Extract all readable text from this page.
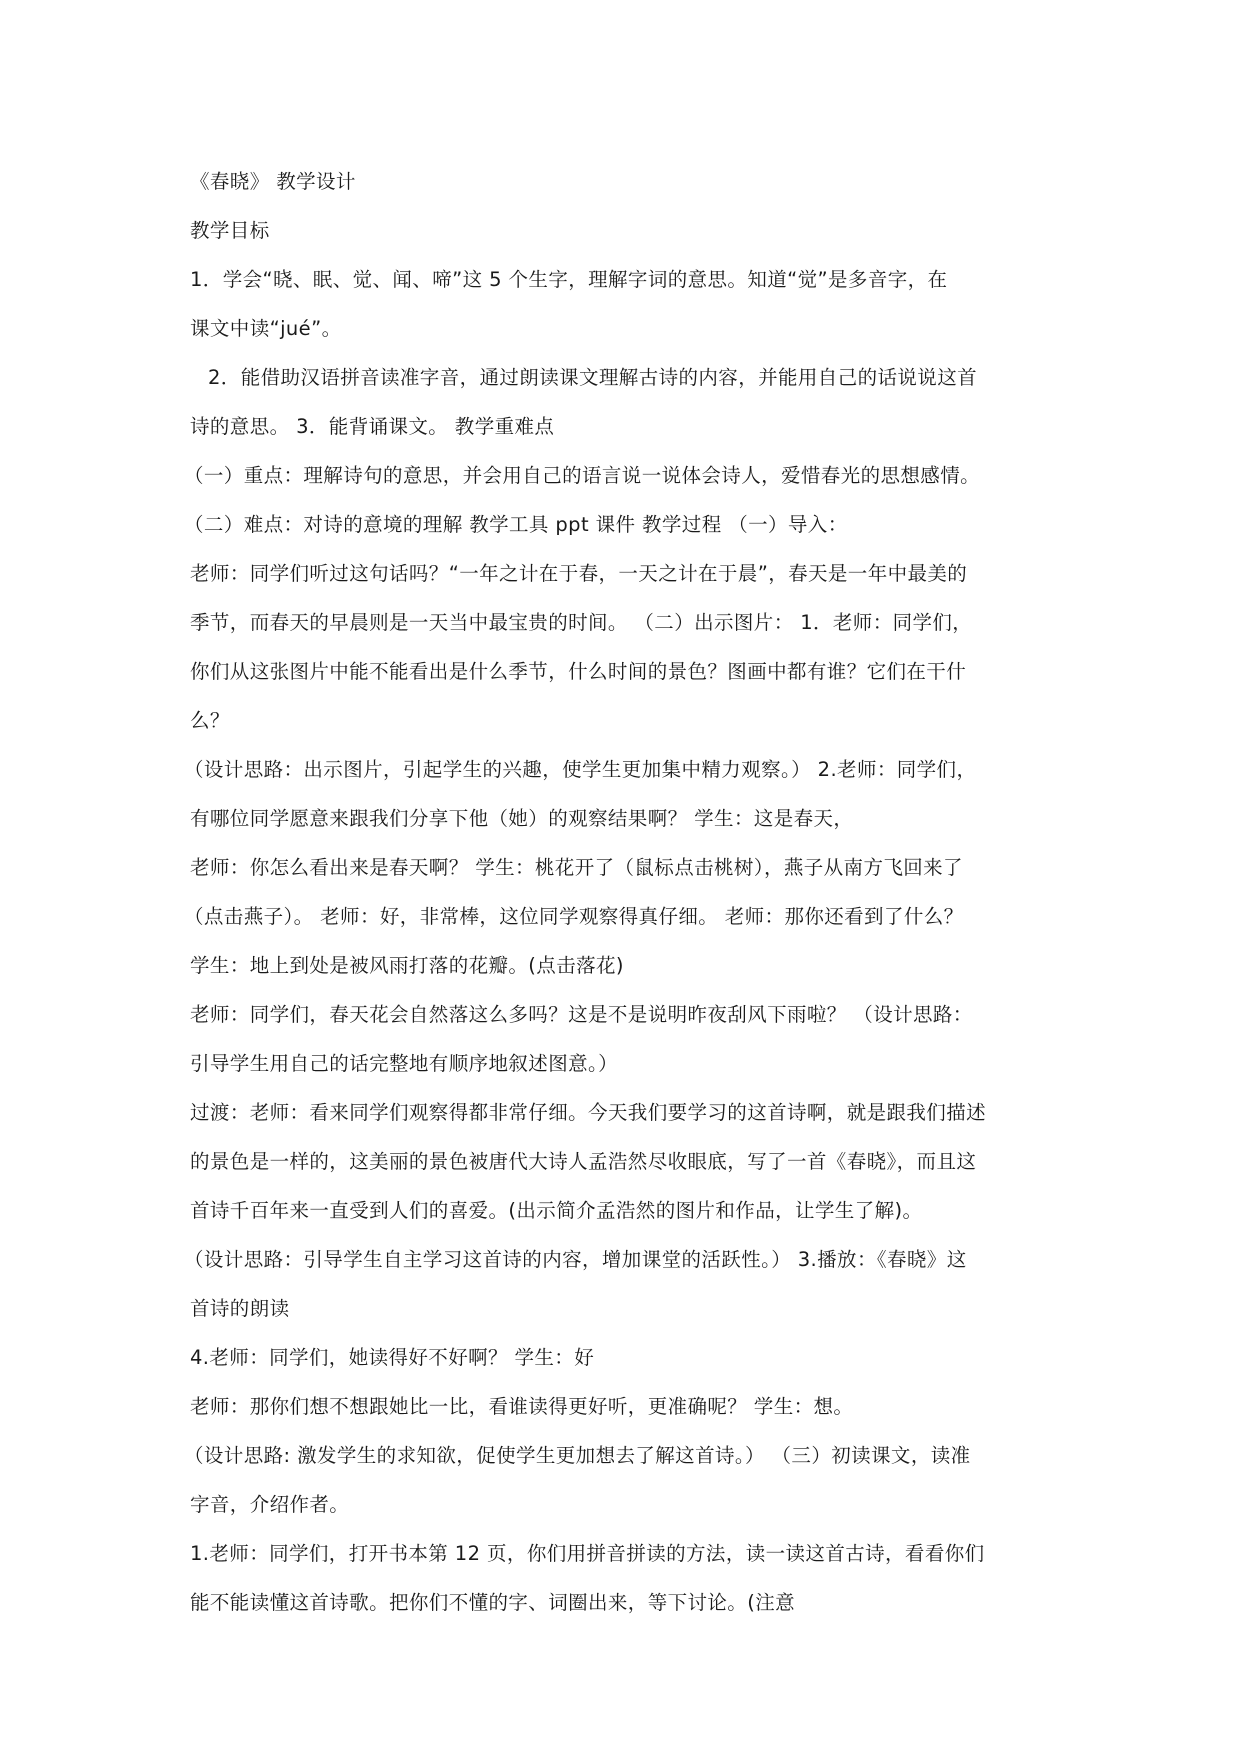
《春晓》 教学设计
教学目标
1．学会“晓、眠、觉、闻、啼”这 5 个生字，理解字词的意思。知道“觉”是多音字，在
课文中读“jué”。
2．能借助汉语拼音读准字音，通过朗读课文理解古诗的内容，并能用自己的话说说这首
诗的意思。 3．能背诵课文。 教学重难点
（一）重点：理解诗句的意思，并会用自己的语言说一说体会诗人，爱惜春光的思想感情。
（二）难点：对诗的意境的理解 教学工具 ppt 课件 教学过程 （一）导入：
老师：同学们听过这句话吗？“一年之计在于春，一天之计在于晨”，春天是一年中最美的
季节，而春天的早晨则是一天当中最宝贵的时间。 （二）出示图片： 1．老师：同学们，
你们从这张图片中能不能看出是什么季节，什么时间的景色？图画中都有谁？它们在干什
么？
（设计思路：出示图片，引起学生的兴趣，使学生更加集中精力观察。） 2.老师：同学们，
有哪位同学愿意来跟我们分享下他（她）的观察结果啊？ 学生：这是春天，
老师：你怎么看出来是春天啊？ 学生：桃花开了（鼠标点击桃树），燕子从南方飞回来了
（点击燕子）。 老师：好，非常棒，这位同学观察得真仔细。 老师：那你还看到了什么？
学生：地上到处是被风雨打落的花瓣。(点击落花)
老师：同学们，春天花会自然落这么多吗？这是不是说明昨夜刮风下雨啦？ （设计思路：
引导学生用自己的话完整地有顺序地叙述图意。）
过渡：老师：看来同学们观察得都非常仔细。今天我们要学习的这首诗啊，就是跟我们描述
的景色是一样的，这美丽的景色被唐代大诗人孟浩然尽收眼底，写了一首《春晓》，而且这
首诗千百年来一直受到人们的喜爱。(出示简介孟浩然的图片和作品，让学生了解)。
（设计思路：引导学生自主学习这首诗的内容，增加课堂的活跃性。） 3.播放：《春晓》这
首诗的朗读
4.老师：同学们，她读得好不好啊？ 学生：好
老师：那你们想不想跟她比一比，看谁读得更好听，更准确呢？ 学生：想。
（设计思路: 激发学生的求知欲，促使学生更加想去了解这首诗。） （三）初读课文，读准
字音，介绍作者。
1.老师：同学们，打开书本第 12 页，你们用拼音拼读的方法，读一读这首古诗，看看你们
能不能读懂这首诗歌。把你们不懂的字、词圈出来，等下讨论。(注意
